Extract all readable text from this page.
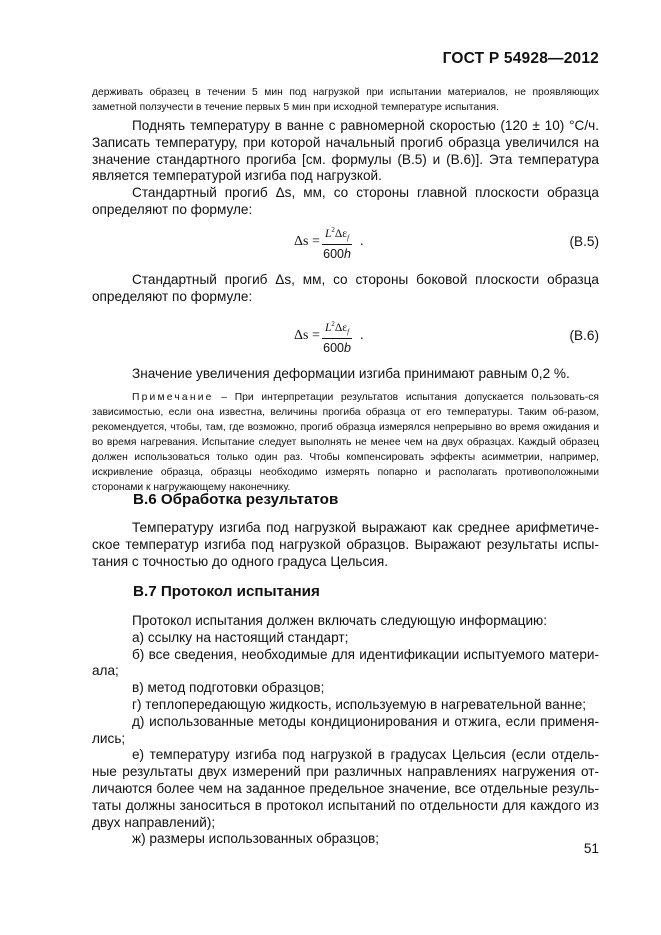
ГОСТ Р 54928—2012

держивать образец в течении 5 мин под нагрузкой при испытании материалов, не проявляющих заметной ползучести в течение первых 5 мин при исходной температуре испытания.

Поднять температуру в ванне с равномерной скоростью (120 ± 10) °С/ч. Записать температуру, при которой начальный прогиб образца увеличился на значение стандартного прогиба [см. формулы (В.5) и (В.6)]. Эта температура является температурой изгиба под нагрузкой.

Стандартный прогиб Δs, мм, со стороны главной плоскости образца определяют по формуле:

Δs =
$L^2\Delta\varepsilon_f$
600h
.	(В.5)

Стандартный прогиб Δs, мм, со стороны боковой плоскости образца определяют по формуле:

Δs =
$L^2\Delta\varepsilon_f$
600b
.	(В.6)

Значение увеличения деформации изгиба принимают равным 0,2 %.

Примечание – При интерпретации результатов испытания допускается пользовать-ся зависимостью, если она известна, величины прогиба образца от его температуры. Таким об-разом, рекомендуется, чтобы, там, где возможно, прогиб образца измерялся непрерывно во время ожидания и во время нагревания. Испытание следует выполнять не менее чем на двух образцах. Каждый образец должен использоваться только один раз. Чтобы компенсировать эффекты асимметрии, например, искривление образца, образцы необходимо измерять попарно и располагать противоположными сторонами к нагружающему наконечнику.

В.6 Обработка результатов

Температуру изгиба под нагрузкой выражают как среднее арифметиче-ское температур изгиба под нагрузкой образцов. Выражают результаты испы-тания с точностью до одного градуса Цельсия.

В.7 Протокол испытания

Протокол испытания должен включать следующую информацию:

а) ссылку на настоящий стандарт;

б) все сведения, необходимые для идентификации испытуемого матери-ала;

в) метод подготовки образцов;

г) теплопередающую жидкость, используемую в нагревательной ванне;

д) использованные методы кондиционирования и отжига, если применя-лись;

е) температуру изгиба под нагрузкой в градусах Цельсия (если отдель-ные результаты двух измерений при различных направлениях нагружения от-личаются более чем на заданное предельное значение, все отдельные резуль-таты должны заноситься в протокол испытаний по отдельности для каждого из двух направлений);

ж) размеры использованных образцов;

51
